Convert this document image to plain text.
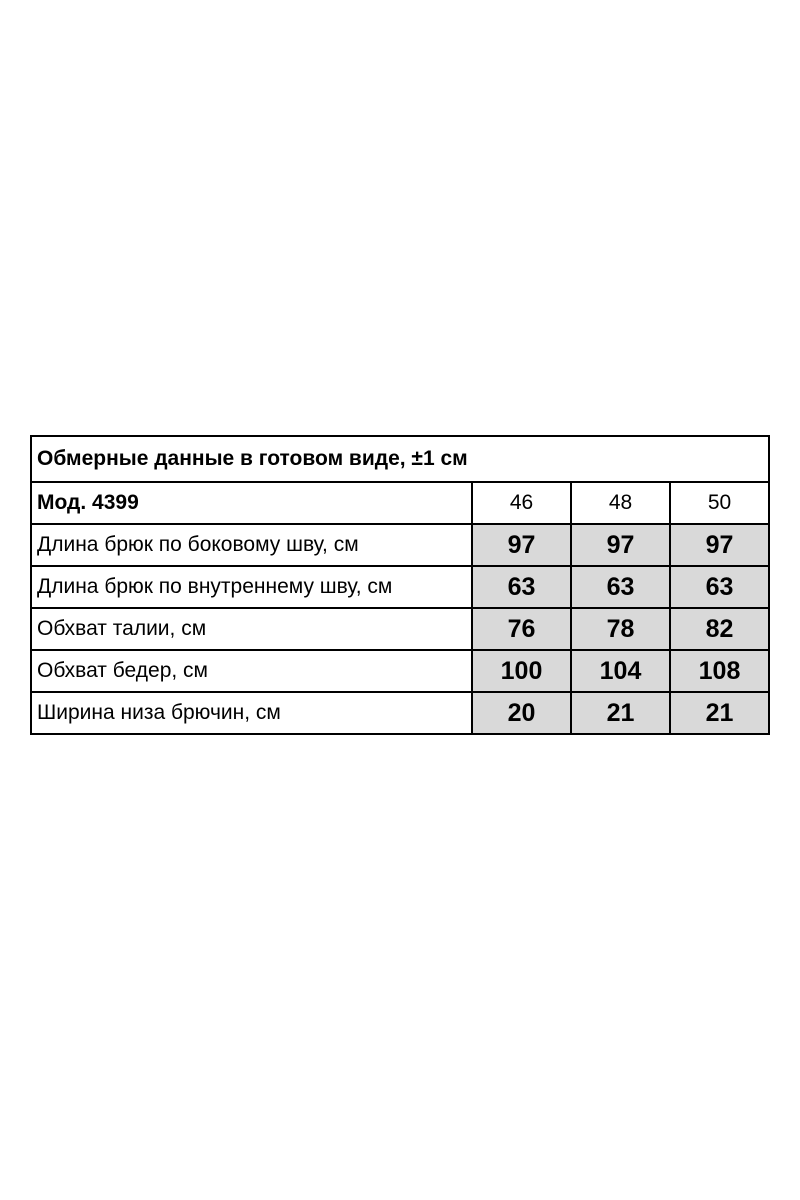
Обмерные данные в готовом виде, ±1 см			
Мод. 4399	46	48	50
Длина брюк по боковому шву, см	97	97	97
Длина брюк по внутреннему шву, см	63	63	63
Обхват талии, см	76	78	82
Обхват бедер, см	100	104	108
Ширина низа брючин, см	20	21	21
